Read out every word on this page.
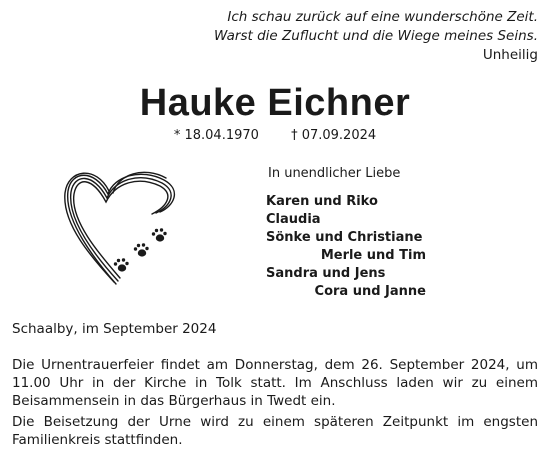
Ich schau zurück auf eine wunderschöne Zeit.
Warst die Zuflucht und die Wiege meines Seins.
Unheilig
Hauke Eichner
* 18.04.1970 † 07.09.2024
In unendlicher Liebe
Karen und Riko
Claudia
Sönke und Christiane
Merle und Tim
Sandra und Jens
Cora und Janne
Schaalby, im September 2024
Die Urnentrauerfeier findet am Donnerstag, dem 26. September 2024, um 11.00 Uhr in der Kirche in Tolk statt. Im Anschluss laden wir zu einem Beisammensein in das Bürgerhaus in Twedt ein.
Die Beisetzung der Urne wird zu einem späteren Zeitpunkt im engsten Familienkreis stattfinden.
